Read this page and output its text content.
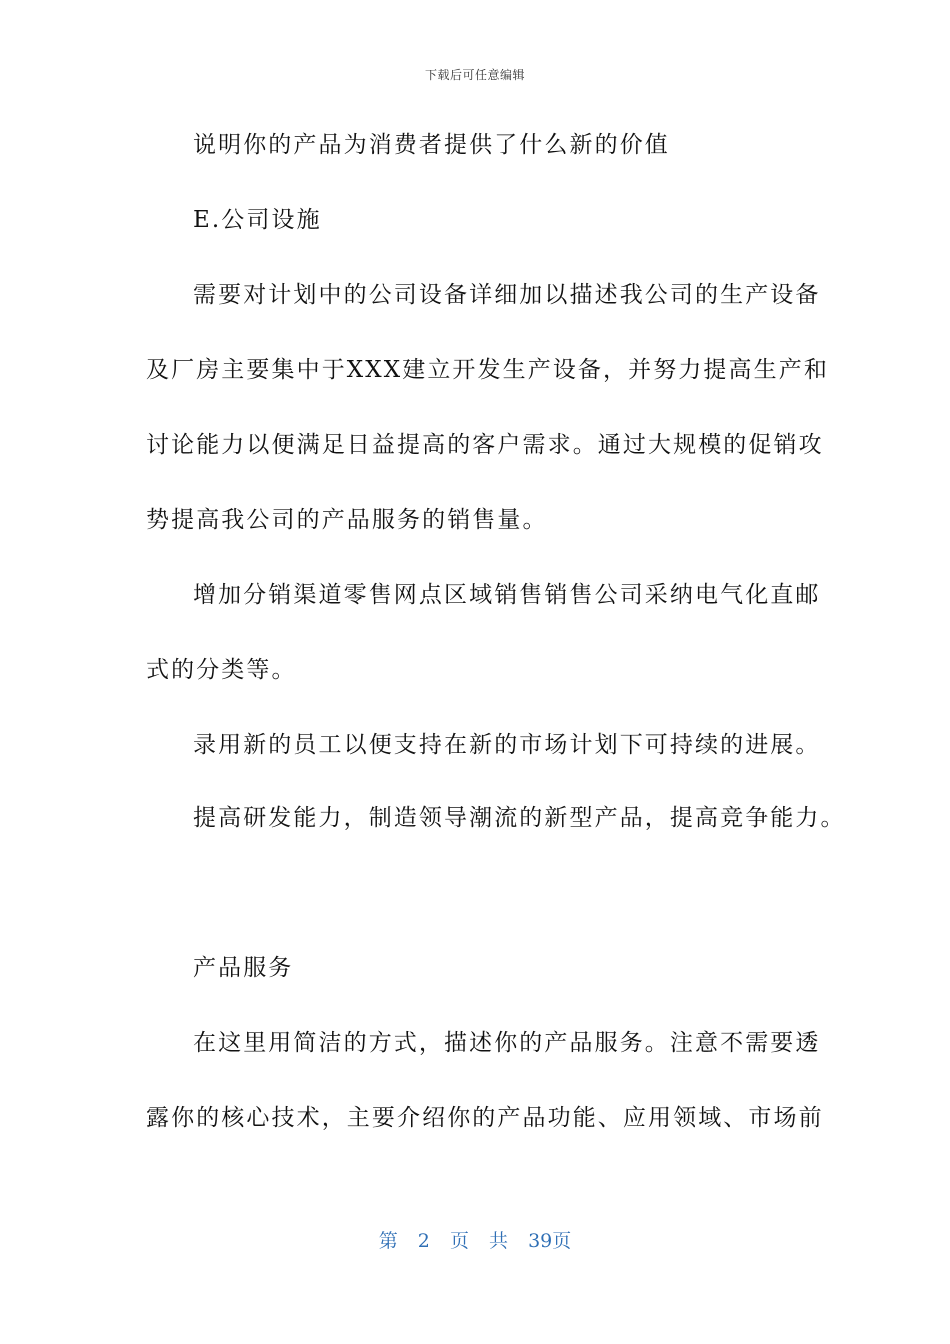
下载后可任意编辑
说明你的产品为消费者提供了什么新的价值
E.公司设施
需要对计划中的公司设备详细加以描述我公司的生产设备
及厂房主要集中于XXX建立开发生产设备，并努力提高生产和
讨论能力以便满足日益提高的客户需求。通过大规模的促销攻
势提高我公司的产品服务的销售量。
增加分销渠道零售网点区域销售销售公司采纳电气化直邮
式的分类等。
录用新的员工以便支持在新的市场计划下可持续的进展。
提高研发能力，制造领导潮流的新型产品，提高竞争能力。
产品服务
在这里用简洁的方式，描述你的产品服务。注意不需要透
露你的核心技术，主要介绍你的产品功能、应用领域、市场前
第 2 页 共 39页
